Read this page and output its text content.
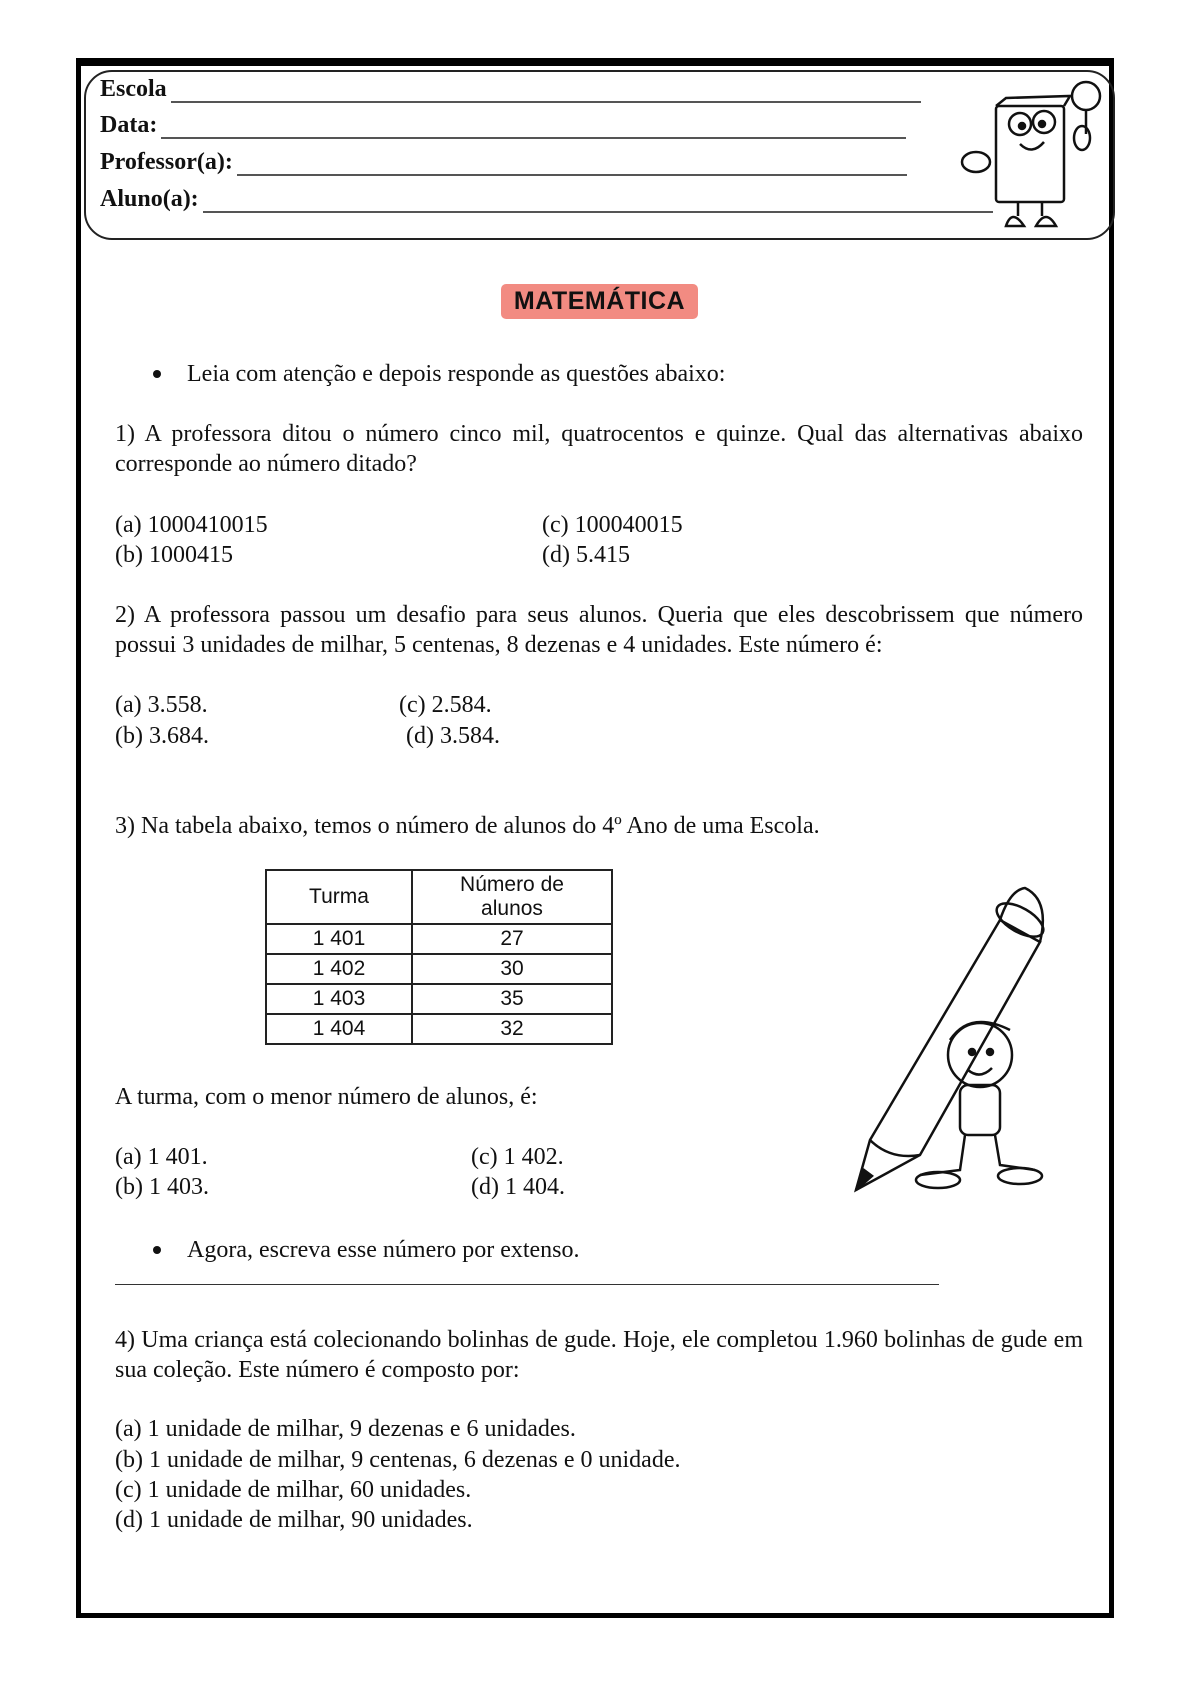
Escola
Data:
Professor(a):
Aluno(a):
MATEMÁTICA
Leia com atenção e depois responde as questões abaixo:
1) A professora ditou o número cinco mil, quatrocentos e quinze. Qual das alternativas abaixo corresponde ao número ditado?
(a) 1000410015
(b) 1000415
(c) 100040015
(d) 5.415
2) A professora passou um desafio para seus alunos. Queria que eles descobrissem que número possui 3 unidades de milhar, 5 centenas, 8 dezenas e 4 unidades. Este número é:
(a) 3.558.
(b) 3.684.
(c) 2.584.
(d) 3.584.
3) Na tabela abaixo, temos o número de alunos do 4º Ano de uma Escola.
Turma	Número de alunos
1 401	27
1 402	30
1 403	35
1 404	32
A turma, com o menor número de alunos, é:
(a) 1 401.
(b) 1 403.
(c) 1 402.
(d) 1 404.
Agora, escreva esse número por extenso.
4) Uma criança está colecionando bolinhas de gude. Hoje, ele completou 1.960 bolinhas de gude em sua coleção. Este número é composto por:
(a) 1 unidade de milhar, 9 dezenas e 6 unidades.
(b) 1 unidade de milhar, 9 centenas, 6 dezenas e 0 unidade.
(c) 1 unidade de milhar, 60 unidades.
(d) 1 unidade de milhar, 90 unidades.
